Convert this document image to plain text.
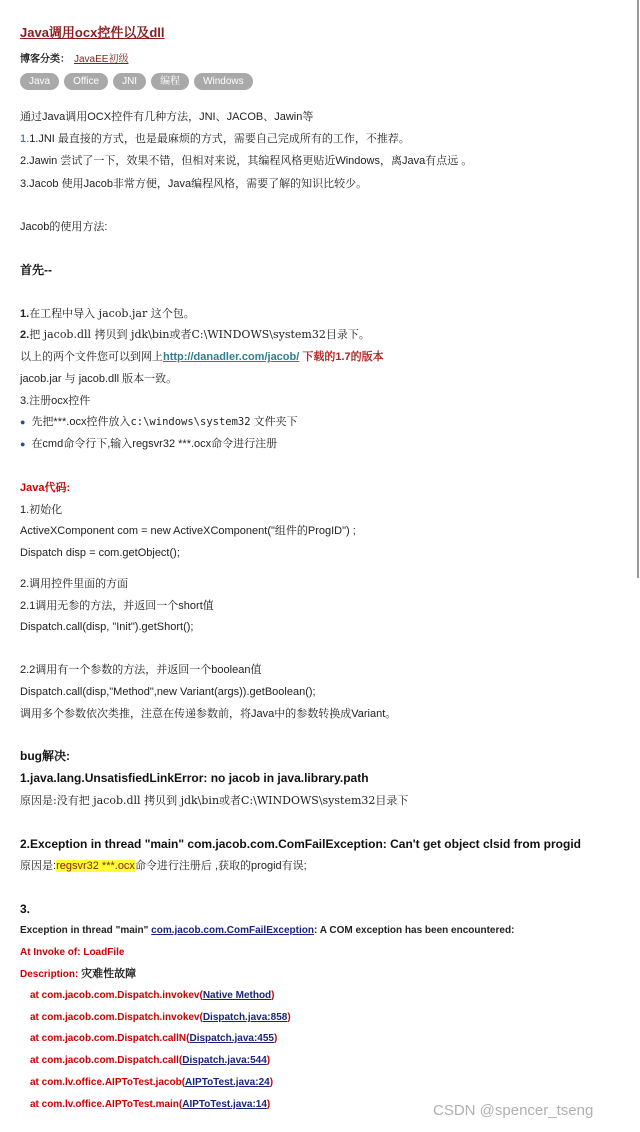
Java调用ocx控件以及dll
博客分类： JavaEE初级
Java	Office	JNI	编程	Windows
通过Java调用OCX控件有几种方法，JNI、JACOB、Jawin等
1.1.JNI 最直接的方式，也是最麻烦的方式，需要自己完成所有的工作，不推荐。
2.Jawin 尝试了一下，效果不错，但相对来说，其编程风格更贴近Windows，离Java有点远 。
3.Jacob 使用Jacob非常方便，Java编程风格，需要了解的知识比较少。
Jacob的使用方法:
首先--
1.在工程中导入 jacob.jar 这个包。
2.把 jacob.dll 拷贝到 jdk\bin或者C:\WINDOWS\system32目录下。
以上的两个文件您可以到网上http://danadler.com/jacob/ 下载的1.7的版本
jacob.jar 与 jacob.dll 版本一致。
3.注册ocx控件
● 先把***.ocx控件放入c:\windows\system32 文件夹下
● 在cmd命令行下,输入regsvr32 ***.ocx命令进行注册
Java代码:
1.初始化
ActiveXComponent com = new ActiveXComponent("组件的ProgID") ;
Dispatch disp = com.getObject();
2.调用控件里面的方面
2.1调用无参的方法，并返回一个short值
Dispatch.call(disp, "Init").getShort();
2.2调用有一个参数的方法，并返回一个boolean值
Dispatch.call(disp,"Method",new Variant(args)).getBoolean();
调用多个参数依次类推，注意在传递参数前，将Java中的参数转换成Variant。
bug解决:
1.java.lang.UnsatisfiedLinkError: no jacob in java.library.path
原因是:没有把 jacob.dll 拷贝到 jdk\bin或者C:\WINDOWS\system32目录下
2.Exception in thread "main" com.jacob.com.ComFailException: Can't get object clsid from progid
原因是:regsvr32 ***.ocx命令进行注册后 ,获取的progid有误;
3.
Exception in thread "main" com.jacob.com.ComFailException: A COM exception has been encountered:
At Invoke of: LoadFile
Description: 灾难性故障
at com.jacob.com.Dispatch.invokev(Native Method)
at com.jacob.com.Dispatch.invokev(Dispatch.java:858)
at com.jacob.com.Dispatch.callN(Dispatch.java:455)
at com.jacob.com.Dispatch.call(Dispatch.java:544)
at com.lv.office.AIPToTest.jacob(AIPToTest.java:24)
at com.lv.office.AIPToTest.main(AIPToTest.java:14)	CSDN @spencer_tseng
